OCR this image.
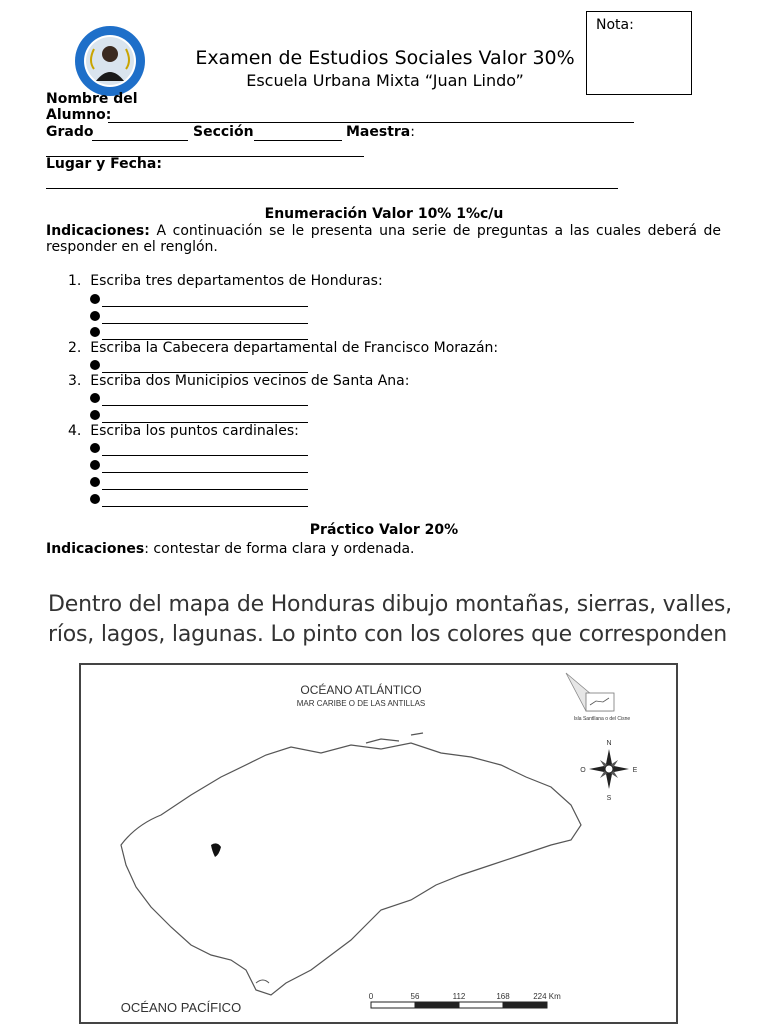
Nota:
Examen de Estudios Sociales Valor 30%
Escuela Urbana Mixta “Juan Lindo”
Nombre del
Alumno:
Grado	Sección	Maestra:
Lugar y Fecha:
Enumeración Valor 10% 1%c/u
Indicaciones: A continuación se le presenta una serie de preguntas a las cuales deberá de
responder en el renglón.
1. Escriba tres departamentos de Honduras:
2. Escriba la Cabecera departamental de Francisco Morazán:
3. Escriba dos Municipios vecinos de Santa Ana:
4. Escriba los puntos cardinales:
Práctico Valor 20%
Indicaciones: contestar de forma clara y ordenada.
Dentro del mapa de Honduras dibujo montañas, sierras, valles,
ríos, lagos, lagunas. Lo pinto con los colores que corresponden
OCÉANO ATLÁNTICO
MAR CARIBE O DE LAS ANTILLAS
OCÉANO PACÍFICO
Isla Santllana o del Cisne
N
S
E
O
0	56	112	168	224 Km
